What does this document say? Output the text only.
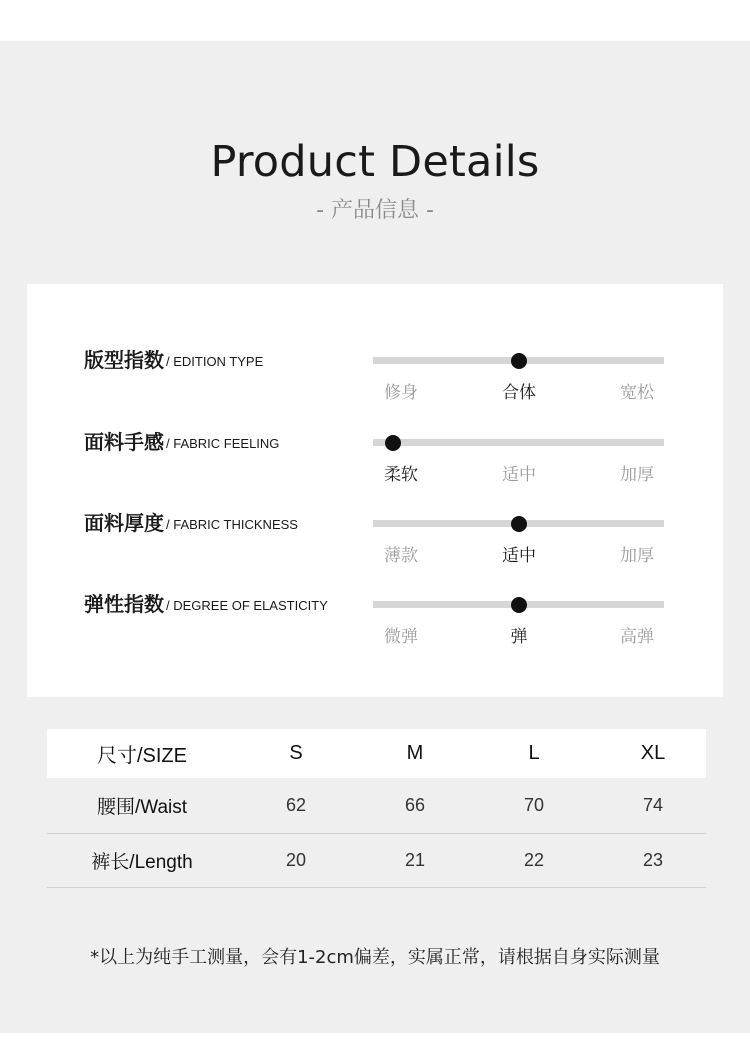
Product Details
- 产品信息 -
版型指数 / EDITION TYPE
修身	合体	宽松
面料手感 / FABRIC FEELING
柔软	适中	加厚
面料厚度 / FABRIC THICKNESS
薄款	适中	加厚
弹性指数 / DEGREE OF ELASTICITY
微弹	弹	高弹
尺寸/SIZE	S	M	L	XL
腰围/Waist	62	66	70	74
裤长/Length	20	21	22	23
*以上为纯手工测量，会有1-2cm偏差，实属正常，请根据自身实际测量
